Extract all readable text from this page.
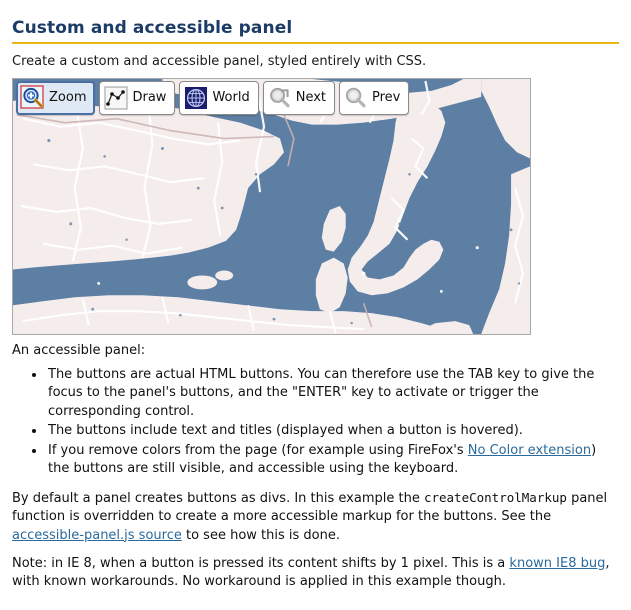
Custom and accessible panel

Create a custom and accessible panel, styled entirely with CSS.

Zoom	Draw	World	Next	Prev

An accessible panel:

• The buttons are actual HTML buttons. You can therefore use the TAB key to give the focus to the panel's buttons, and the "ENTER" key to activate or trigger the corresponding control.
• The buttons include text and titles (displayed when a button is hovered).
• If you remove colors from the page (for example using FireFox's No Color extension) the buttons are still visible, and accessible using the keyboard.

By default a panel creates buttons as divs. In this example the createControlMarkup panel function is overridden to create a more accessible markup for the buttons. See the accessible-panel.js source to see how this is done.

Note: in IE 8, when a button is pressed its content shifts by 1 pixel. This is a known IE8 bug, with known workarounds. No workaround is applied in this example though.
